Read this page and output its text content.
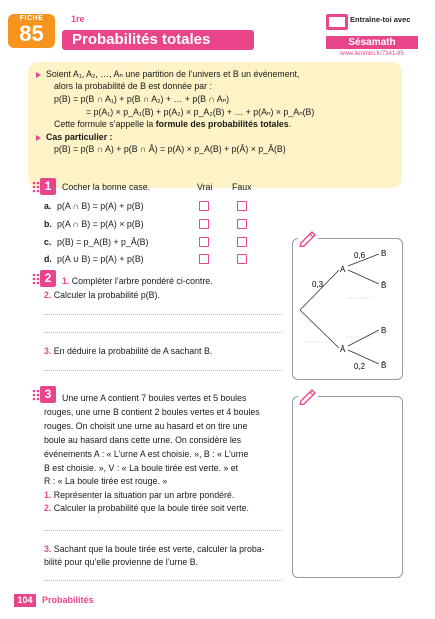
FICHE
85
1re
Probabilités totales
Entraîne-toi avec
Sésamath
www.lienmini.fr/7341-85
Soient A₁, A₂, …, Aₙ une partition de l’univers et B un événement,
alors la probabilité de B est donnée par :
p(B) = p(B ∩ A₁) + p(B ∩ A₂) + … + p(B ∩ Aₙ)
= p(A₁) × p_A₁(B) + p(A₂) × p_A₂(B) + … + p(Aₙ) × p_Aₙ(B)
Cette formule s’appelle la formule des probabilités totales.
Cas particulier :
p(B) = p(B ∩ A) + p(B ∩ Ā) = p(A) × p_A(B) + p(Ā) × p_Ā(B)
1	Cocher la bonne case.	Vrai Faux
a. p(A ∩ B) = p(A) + p(B)
b. p(A ∩ B) = p(A) × p(B)
c. p(B) = p_A(B) + p_Ā(B)
d. p(A ∪ B) = p(A) + p(B)
2	1. Compléter l’arbre pondéré ci-contre.
2. Calculer la probabilité p(B).
3. En déduire la probabilité de A sachant B.
0,6
0,3
0,2
A
Ā
B
B̄
B
B̄
3	Une urne A contient 7 boules vertes et 5 boules
rouges, une urne B contient 2 boules vertes et 4 boules
rouges. On choisit une urne au hasard et on tire une
boule au hasard dans cette urne. On considère les
événements A : « L’urne A est choisie. », B : « L’urne
B est choisie. », V : « La boule tirée est verte. » et
R : « La boule tirée est rouge. »
1. Représenter la situation par un arbre pondéré.
2. Calculer la probabilité que la boule tirée soit verte.
3. Sachant que la boule tirée est verte, calculer la proba-
bilité pour qu’elle provienne de l’urne B.
104	Probabilités
